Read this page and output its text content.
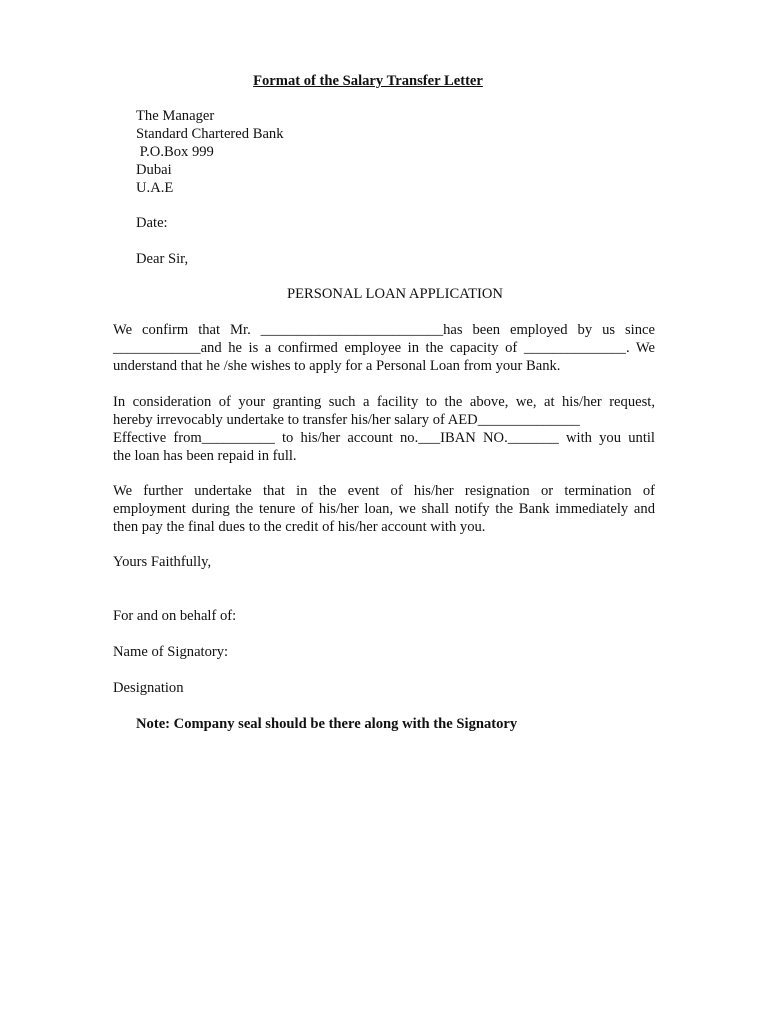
Format of the Salary Transfer Letter
The Manager
Standard Chartered Bank
P.O.Box 999
Dubai
U.A.E
Date:
Dear Sir,
PERSONAL LOAN APPLICATION
We confirm that Mr. _________________________has been employed by us since
____________and he is a confirmed employee in the capacity of ______________. We
understand that he /she wishes to apply for a Personal Loan from your Bank.
In consideration of your granting such a facility to the above, we, at his/her request,
hereby irrevocably undertake to transfer his/her salary of AED______________
Effective from__________ to his/her account no.___IBAN NO._______ with you until
the loan has been repaid in full.
We further undertake that in the event of his/her resignation or termination of
employment during the tenure of his/her loan, we shall notify the Bank immediately and
then pay the final dues to the credit of his/her account with you.
Yours Faithfully,
For and on behalf of:
Name of Signatory:
Designation
Note: Company seal should be there along with the Signatory
